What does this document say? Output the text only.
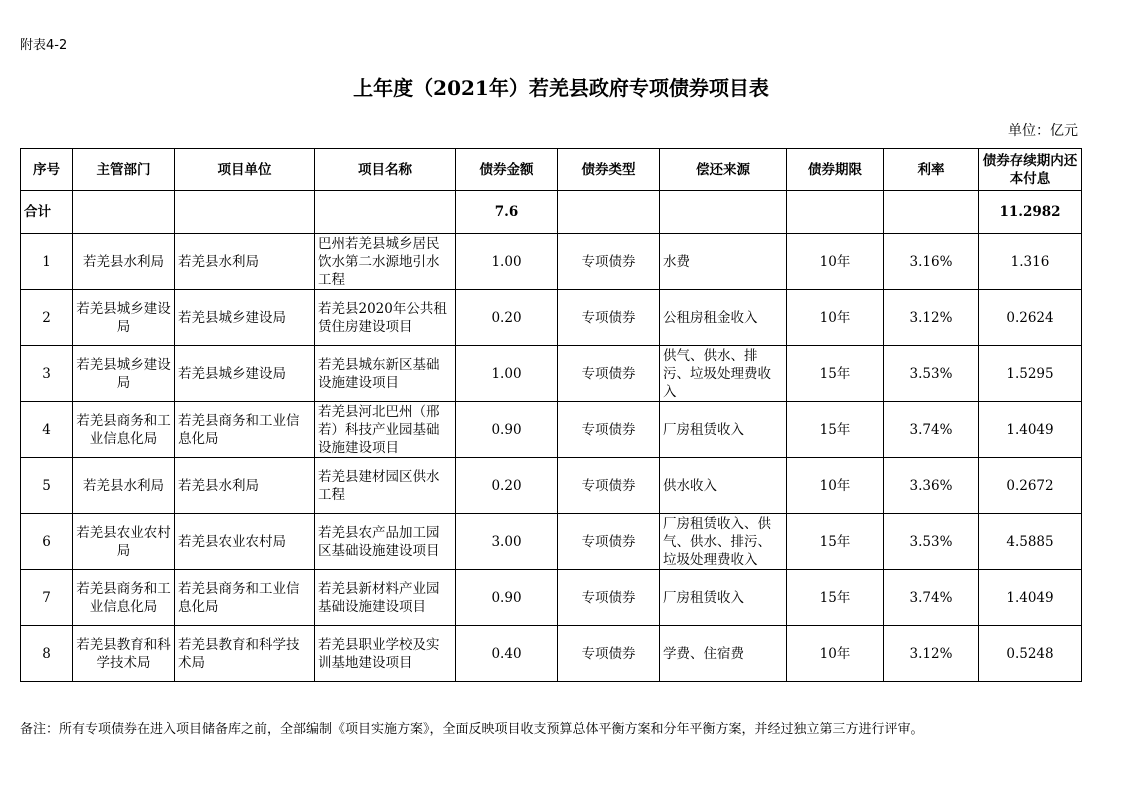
附表4-2
上年度（2021年）若羌县政府专项债券项目表
单位：亿元
序号	主管部门	项目单位	项目名称	债券金额	债券类型	偿还来源	债券期限	利率	债券存续期内还本付息
合计				7.6					11.2982
1	若羌县水利局	若羌县水利局	巴州若羌县城乡居民饮水第二水源地引水工程	1.00	专项债券	水费	10年	3.16%	1.316
2	若羌县城乡建设局	若羌县城乡建设局	若羌县2020年公共租赁住房建设项目	0.20	专项债券	公租房租金收入	10年	3.12%	0.2624
3	若羌县城乡建设局	若羌县城乡建设局	若羌县城东新区基础设施建设项目	1.00	专项债券	供气、供水、排污、垃圾处理费收入	15年	3.53%	1.5295
4	若羌县商务和工业信息化局	若羌县商务和工业信息化局	若羌县河北巴州（邢若）科技产业园基础设施建设项目	0.90	专项债券	厂房租赁收入	15年	3.74%	1.4049
5	若羌县水利局	若羌县水利局	若羌县建材园区供水工程	0.20	专项债券	供水收入	10年	3.36%	0.2672
6	若羌县农业农村局	若羌县农业农村局	若羌县农产品加工园区基础设施建设项目	3.00	专项债券	厂房租赁收入、供气、供水、排污、垃圾处理费收入	15年	3.53%	4.5885
7	若羌县商务和工业信息化局	若羌县商务和工业信息化局	若羌县新材料产业园基础设施建设项目	0.90	专项债券	厂房租赁收入	15年	3.74%	1.4049
8	若羌县教育和科学技术局	若羌县教育和科学技术局	若羌县职业学校及实训基地建设项目	0.40	专项债券	学费、住宿费	10年	3.12%	0.5248
备注：所有专项债券在进入项目储备库之前，全部编制《项目实施方案》，全面反映项目收支预算总体平衡方案和分年平衡方案，并经过独立第三方进行评审。
